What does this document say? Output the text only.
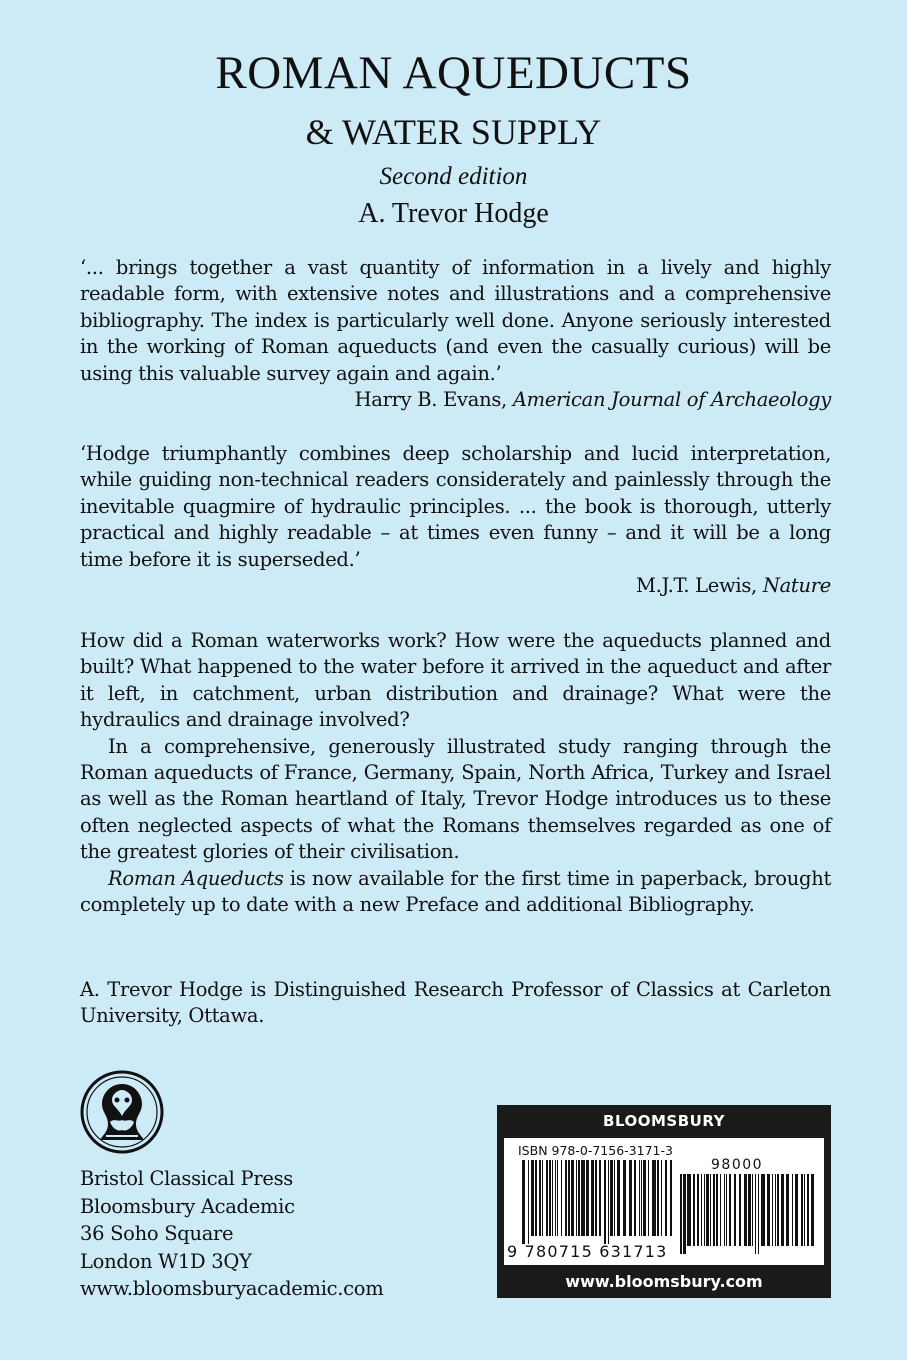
ROMAN AQUEDUCTS
& WATER SUPPLY
Second edition
A. Trevor Hodge
‘... brings together a vast quantity of information in a lively and highly readable form, with extensive notes and illustrations and a comprehensive bibliography. The index is particularly well done. Anyone seriously interested in the working of Roman aqueducts (and even the casually curious) will be using this valuable survey again and again.’
Harry B. Evans, American Journal of Archaeology
‘Hodge triumphantly combines deep scholarship and lucid interpretation, while guiding non-technical readers considerately and painlessly through the inevitable quagmire of hydraulic principles. ... the book is thorough, utterly practical and highly readable – at times even funny – and it will be a long time before it is superseded.’
M.J.T. Lewis, Nature
How did a Roman waterworks work? How were the aqueducts planned and built? What happened to the water before it arrived in the aqueduct and after it left, in catchment, urban distribution and drainage? What were the hydraulics and drainage involved?
In a comprehensive, generously illustrated study ranging through the Roman aqueducts of France, Germany, Spain, North Africa, Turkey and Israel as well as the Roman heartland of Italy, Trevor Hodge introduces us to these often neglected aspects of what the Romans themselves regarded as one of the greatest glories of their civilisation.
Roman Aqueducts is now available for the first time in paperback, brought completely up to date with a new Preface and additional Bibliography.
A. Trevor Hodge is Distinguished Research Professor of Classics at Carleton University, Ottawa.
Bristol Classical Press
Bloomsbury Academic
36 Soho Square
London W1D 3QY
www.bloomsburyacademic.com
BLOOMSBURY
ISBN 978-0-7156-3171-3
98000
9 780715 631713
www.bloomsbury.com
